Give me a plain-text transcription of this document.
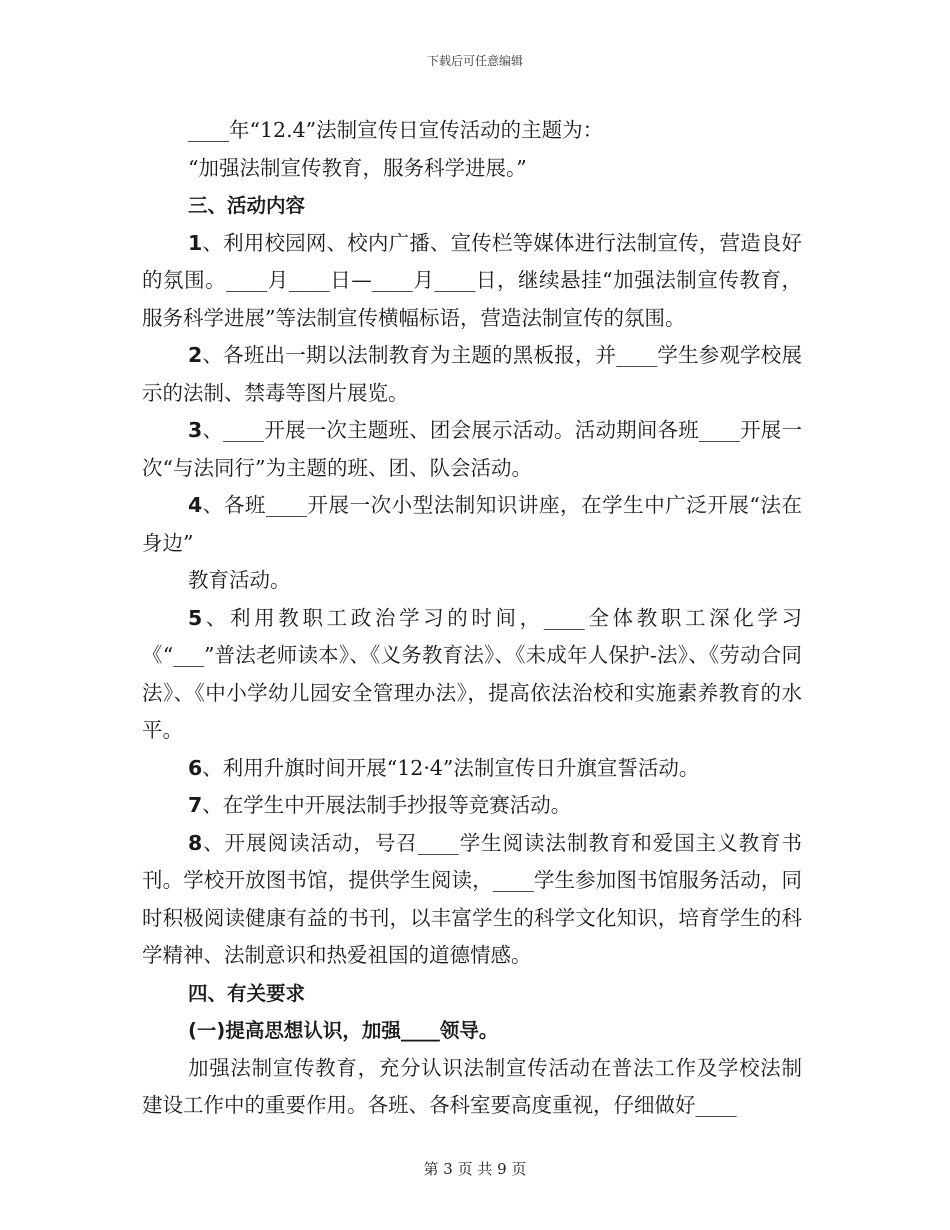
下载后可任意编辑

____年“12.4”法制宣传日宣传活动的主题为：

“加强法制宣传教育，服务科学进展。”

三、活动内容

1、利用校园网、校内广播、宣传栏等媒体进行法制宣传，营造良好的氛围。____月____日—____月____日，继续悬挂“加强法制宣传教育，服务科学进展”等法制宣传横幅标语，营造法制宣传的氛围。

2、各班出一期以法制教育为主题的黑板报，并____学生参观学校展示的法制、禁毒等图片展览。

3、____开展一次主题班、团会展示活动。活动期间各班____开展一次“与法同行”为主题的班、团、队会活动。

4、各班____开展一次小型法制知识讲座，在学生中广泛开展“法在身边”

教育活动。

5、利用教职工政治学习的时间，____全体教职工深化学习《“___”普法老师读本》、《义务教育法》、《未成年人保护-法》、《劳动合同法》、《中小学幼儿园安全管理办法》，提高依法治校和实施素养教育的水平。

6、利用升旗时间开展“12·4”法制宣传日升旗宣誓活动。

7、在学生中开展法制手抄报等竞赛活动。

8、开展阅读活动，号召____学生阅读法制教育和爱国主义教育书刊。学校开放图书馆，提供学生阅读，____学生参加图书馆服务活动，同时积极阅读健康有益的书刊，以丰富学生的科学文化知识，培育学生的科学精神、法制意识和热爱祖国的道德情感。

四、有关要求

(一)提高思想认识，加强____领导。

加强法制宣传教育，充分认识法制宣传活动在普法工作及学校法制建设工作中的重要作用。各班、各科室要高度重视，仔细做好____

第 3 页 共 9 页
